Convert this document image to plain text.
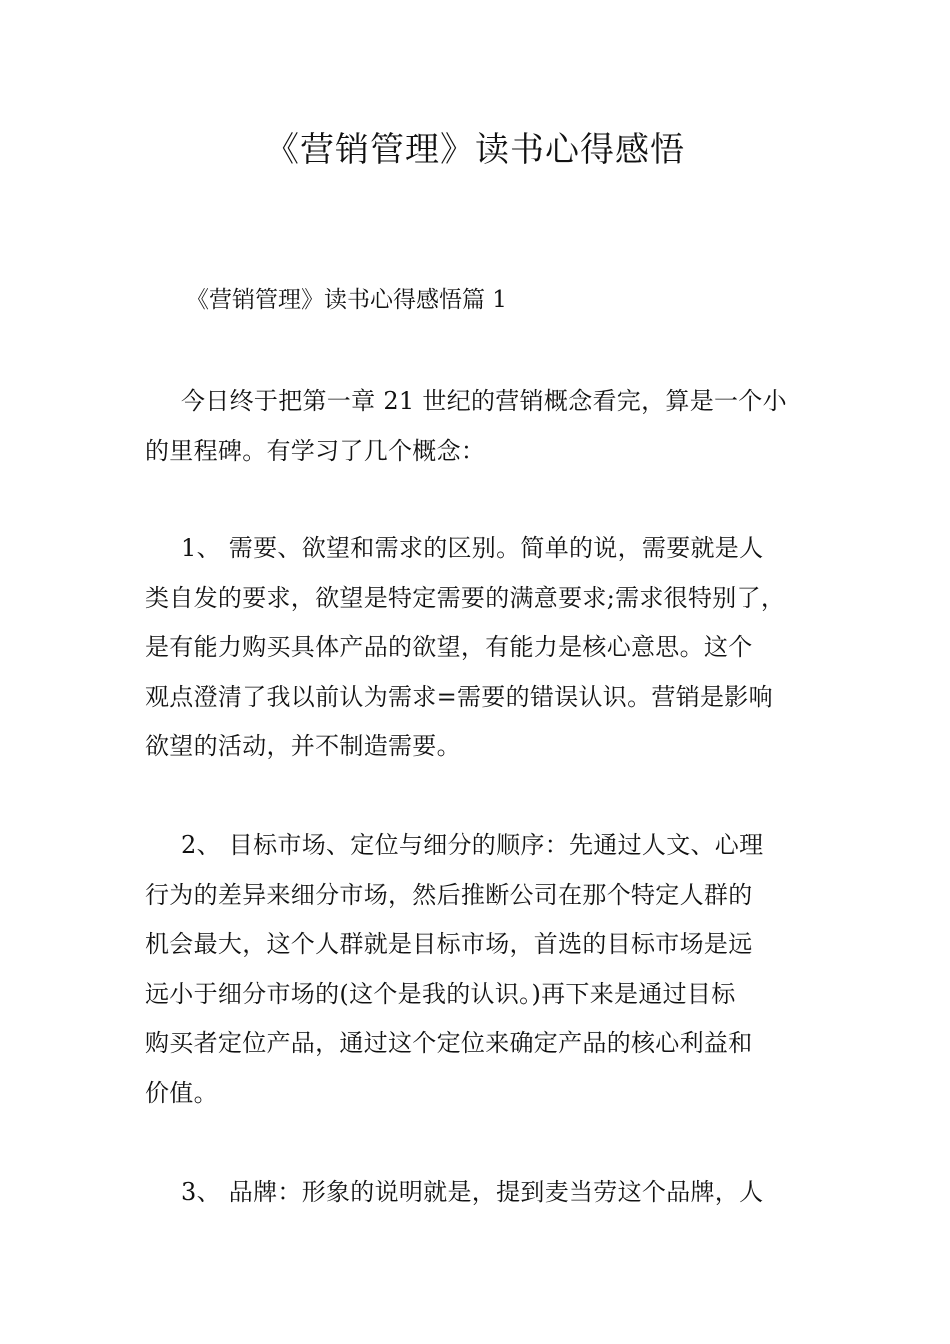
《营销管理》读书心得感悟

《营销管理》读书心得感悟篇 1

今日终于把第一章 21 世纪的营销概念看完，算是一个小
的里程碑。有学习了几个概念：

1、 需要、欲望和需求的区别。简单的说，需要就是人
类自发的要求，欲望是特定需要的满意要求;需求很特别了，
是有能力购买具体产品的欲望，有能力是核心意思。这个
观点澄清了我以前认为需求=需要的错误认识。营销是影响
欲望的活动，并不制造需要。

2、 目标市场、定位与细分的顺序：先通过人文、心理
行为的差异来细分市场，然后推断公司在那个特定人群的
机会最大，这个人群就是目标市场，首选的目标市场是远
远小于细分市场的(这个是我的认识。)再下来是通过目标
购买者定位产品，通过这个定位来确定产品的核心利益和
价值。

3、 品牌：形象的说明就是，提到麦当劳这个品牌，人
